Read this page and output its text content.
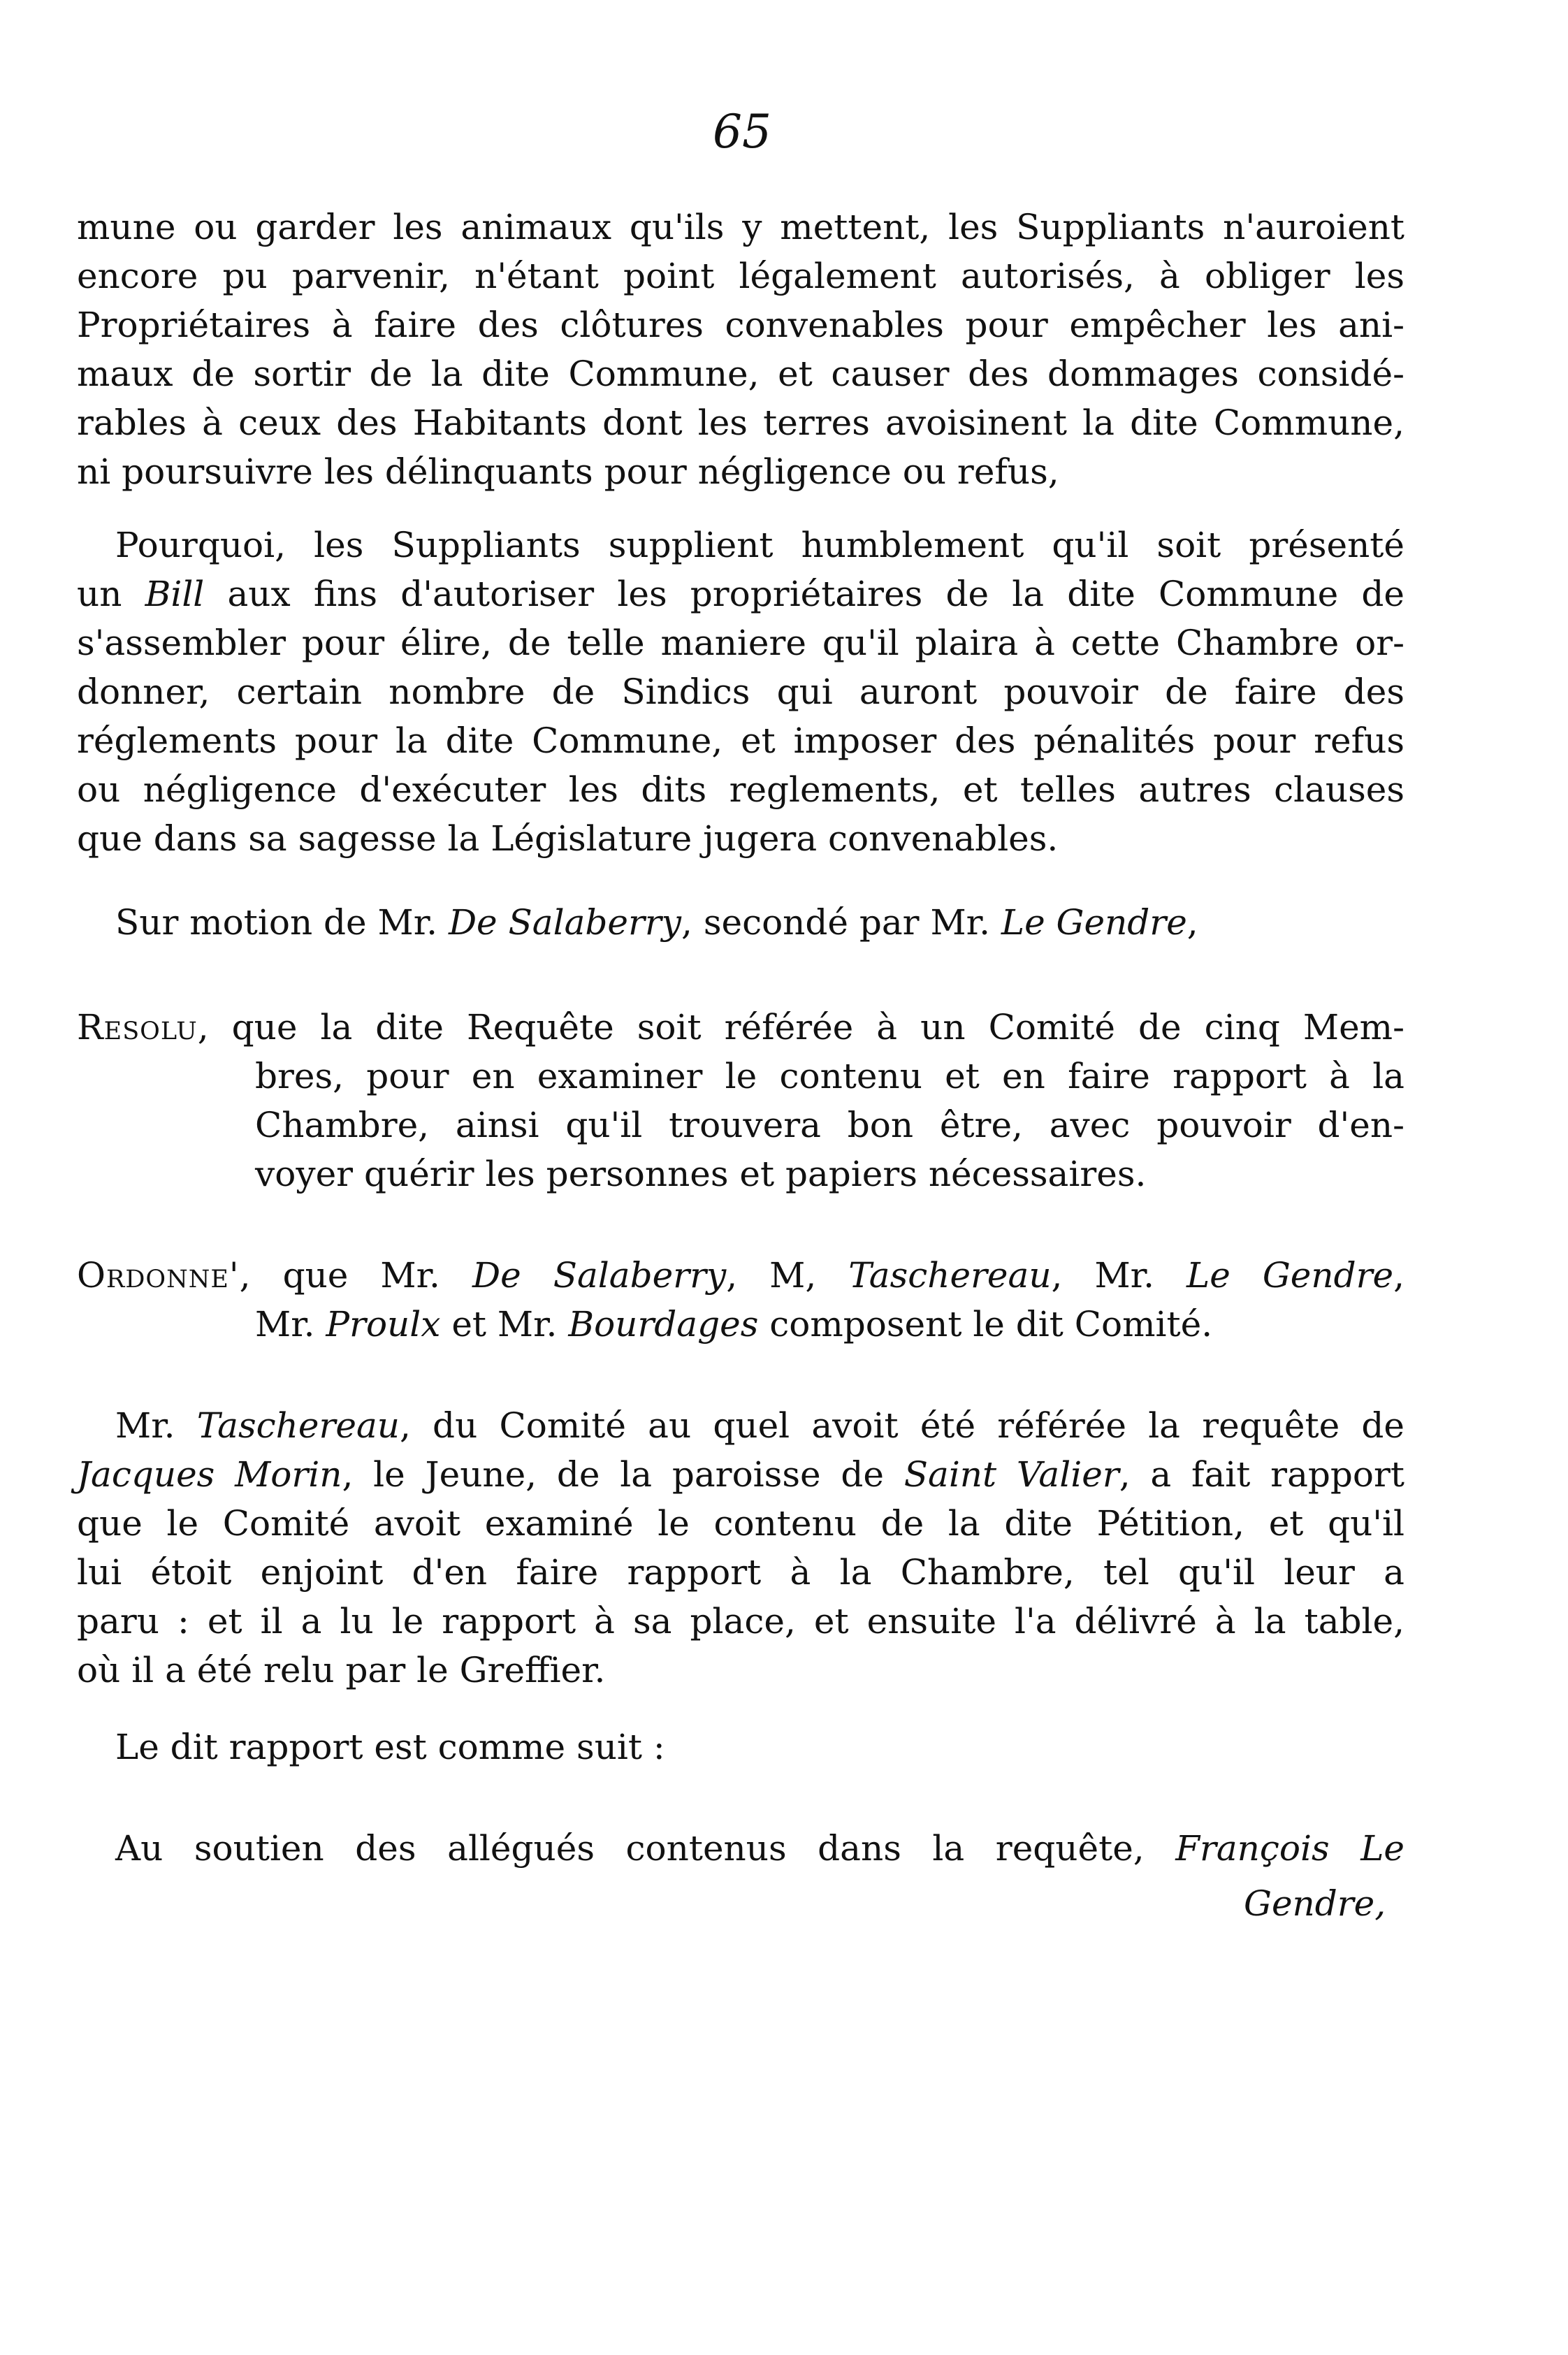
65
mune ou garder les animaux qu'ils y mettent, les Suppliants n'auroient
encore pu parvenir, n'étant point légalement autorisés, à obliger les
Propriétaires à faire des clôtures convenables pour empêcher les ani-
maux de sortir de la dite Commune, et causer des dommages considé-
rables à ceux des Habitants dont les terres avoisinent la dite Commune,
ni poursuivre les délinquants pour négligence ou refus,
Pourquoi, les Suppliants supplient humblement qu'il soit présenté
un Bill aux fins d'autoriser les propriétaires de la dite Commune de
s'assembler pour élire, de telle maniere qu'il plaira à cette Chambre or-
donner, certain nombre de Sindics qui auront pouvoir de faire des
réglements pour la dite Commune, et imposer des pénalités pour refus
ou négligence d'exécuter les dits reglements, et telles autres clauses
que dans sa sagesse la Législature jugera convenables.
Sur motion de Mr. De Salaberry, secondé par Mr. Le Gendre,
Resolu, que la dite Requête soit référée à un Comité de cinq Mem-
bres, pour en examiner le contenu et en faire rapport à la
Chambre, ainsi qu'il trouvera bon être, avec pouvoir d'en-
voyer quérir les personnes et papiers nécessaires.
Ordonne', que Mr. De Salaberry, M, Taschereau, Mr. Le Gendre,
Mr. Proulx et Mr. Bourdages composent le dit Comité.
Mr. Taschereau, du Comité au quel avoit été référée la requête de
Jacques Morin, le Jeune, de la paroisse de Saint Valier, a fait rapport
que le Comité avoit examiné le contenu de la dite Pétition, et qu'il
lui étoit enjoint d'en faire rapport à la Chambre, tel qu'il leur a
paru : et il a lu le rapport à sa place, et ensuite l'a délivré à la table,
où il a été relu par le Greffier.
Le dit rapport est comme suit :
Au soutien des allégués contenus dans la requête, François Le
Gendre,
